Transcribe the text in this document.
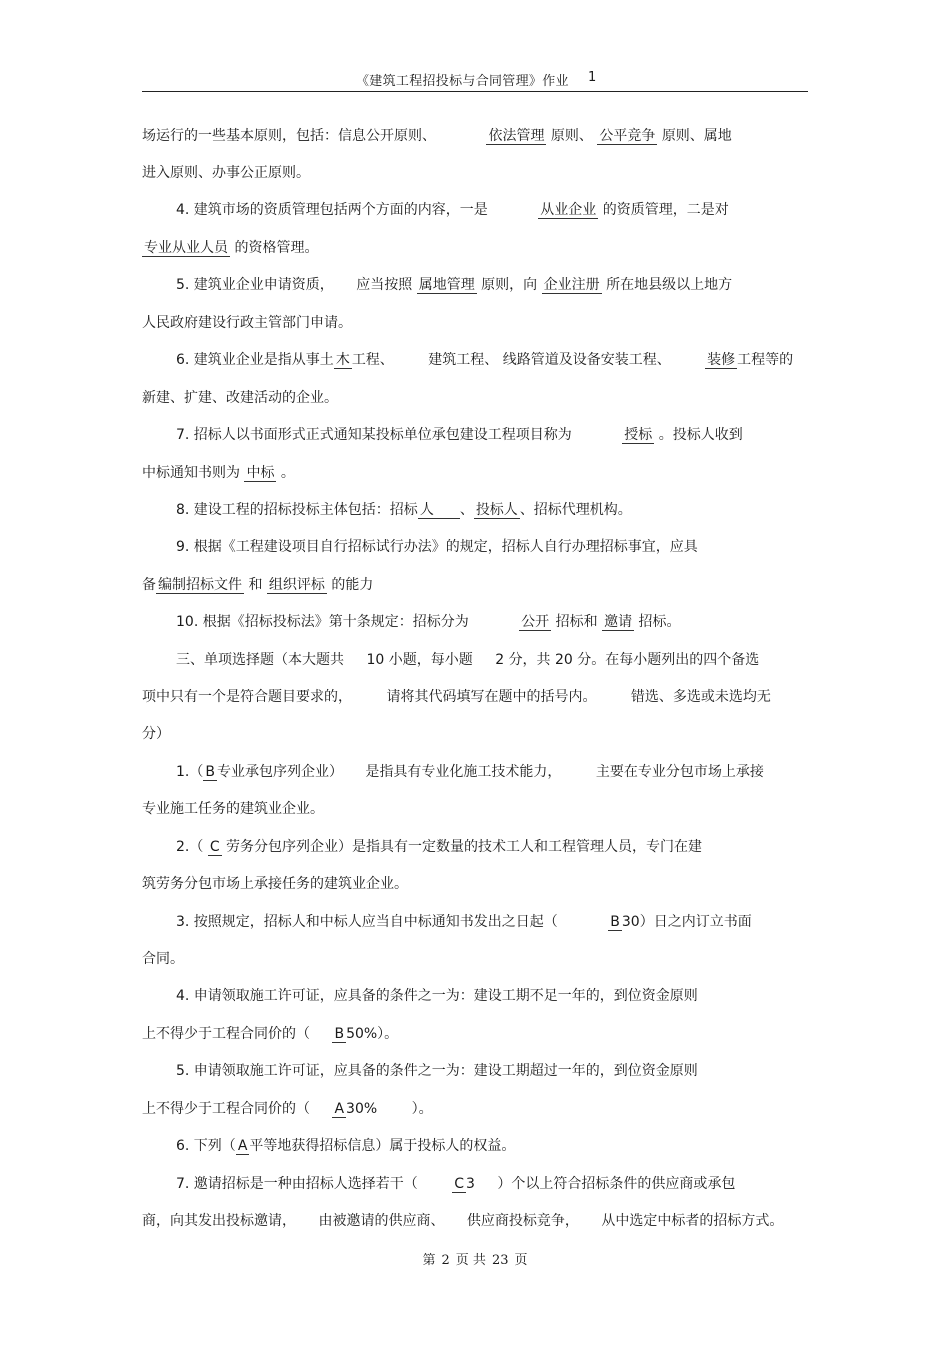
《建筑工程招投标与合同管理》作业 1
场运行的一些基本原则，包括：信息公开原则、	依法管理 原则、 公平竞争 原则、属地
进入原则、办事公正原则。
4. 建筑市场的资质管理包括两个方面的内容，一是	从业企业 的资质管理，二是对
专业从业人员 的资格管理。
5. 建筑业企业申请资质， 应当按照 属地管理 原则，向 企业注册 所在地县级以上地方
人民政府建设行政主管部门申请。
6. 建筑业企业是指从事土 木 工程、 建筑工程、 线路管道及设备安装工程、	装修 工程等的
新建、扩建、改建活动的企业。
7. 招标人以书面形式正式通知某投标单位承包建设工程项目称为	授标 。投标人收到
中标通知书则为 中标 。
8. 建设工程的招标投标主体包括：招标 人 、 投标人 、招标代理机构。
9. 根据《工程建设项目自行招标试行办法》的规定，招标人自行办理招标事宜，应具
备 编制招标文件 和 组织评标 的能力
10. 根据《招标投标法》第十条规定：招标分为	公开 招标和 邀请 招标。
三、单项选择题（本大题共 10 小题，每小题 2 分，共 20 分。在每小题列出的四个备选
项中只有一个是符合题目要求的， 请将其代码填写在题中的括号内。 错选、多选或未选均无
分）
1.（ B 专业承包序列企业） 是指具有专业化施工技术能力， 主要在专业分包市场上承接
专业施工任务的建筑业企业。
2.（ C 劳务分包序列企业）是指具有一定数量的技术工人和工程管理人员，专门在建
筑劳务分包市场上承接任务的建筑业企业。
3. 按照规定，招标人和中标人应当自中标通知书发出之日起（	B 30）日之内订立书面
合同。
4. 申请领取施工许可证，应具备的条件之一为：建设工期不足一年的，到位资金原则
上不得少于工程合同价的（ B 50%）。
5. 申请领取施工许可证，应具备的条件之一为：建设工期超过一年的，到位资金原则
上不得少于工程合同价的（ A 30% ）。
6. 下列（ A 平等地获得招标信息）属于投标人的权益。
7. 邀请招标是一种由招标人选择若干（	C 3 ）个以上符合招标条件的供应商或承包
商，向其发出投标邀请， 由被邀请的供应商、 供应商投标竞争， 从中选定中标者的招标方式。
第 2 页 共 23 页
